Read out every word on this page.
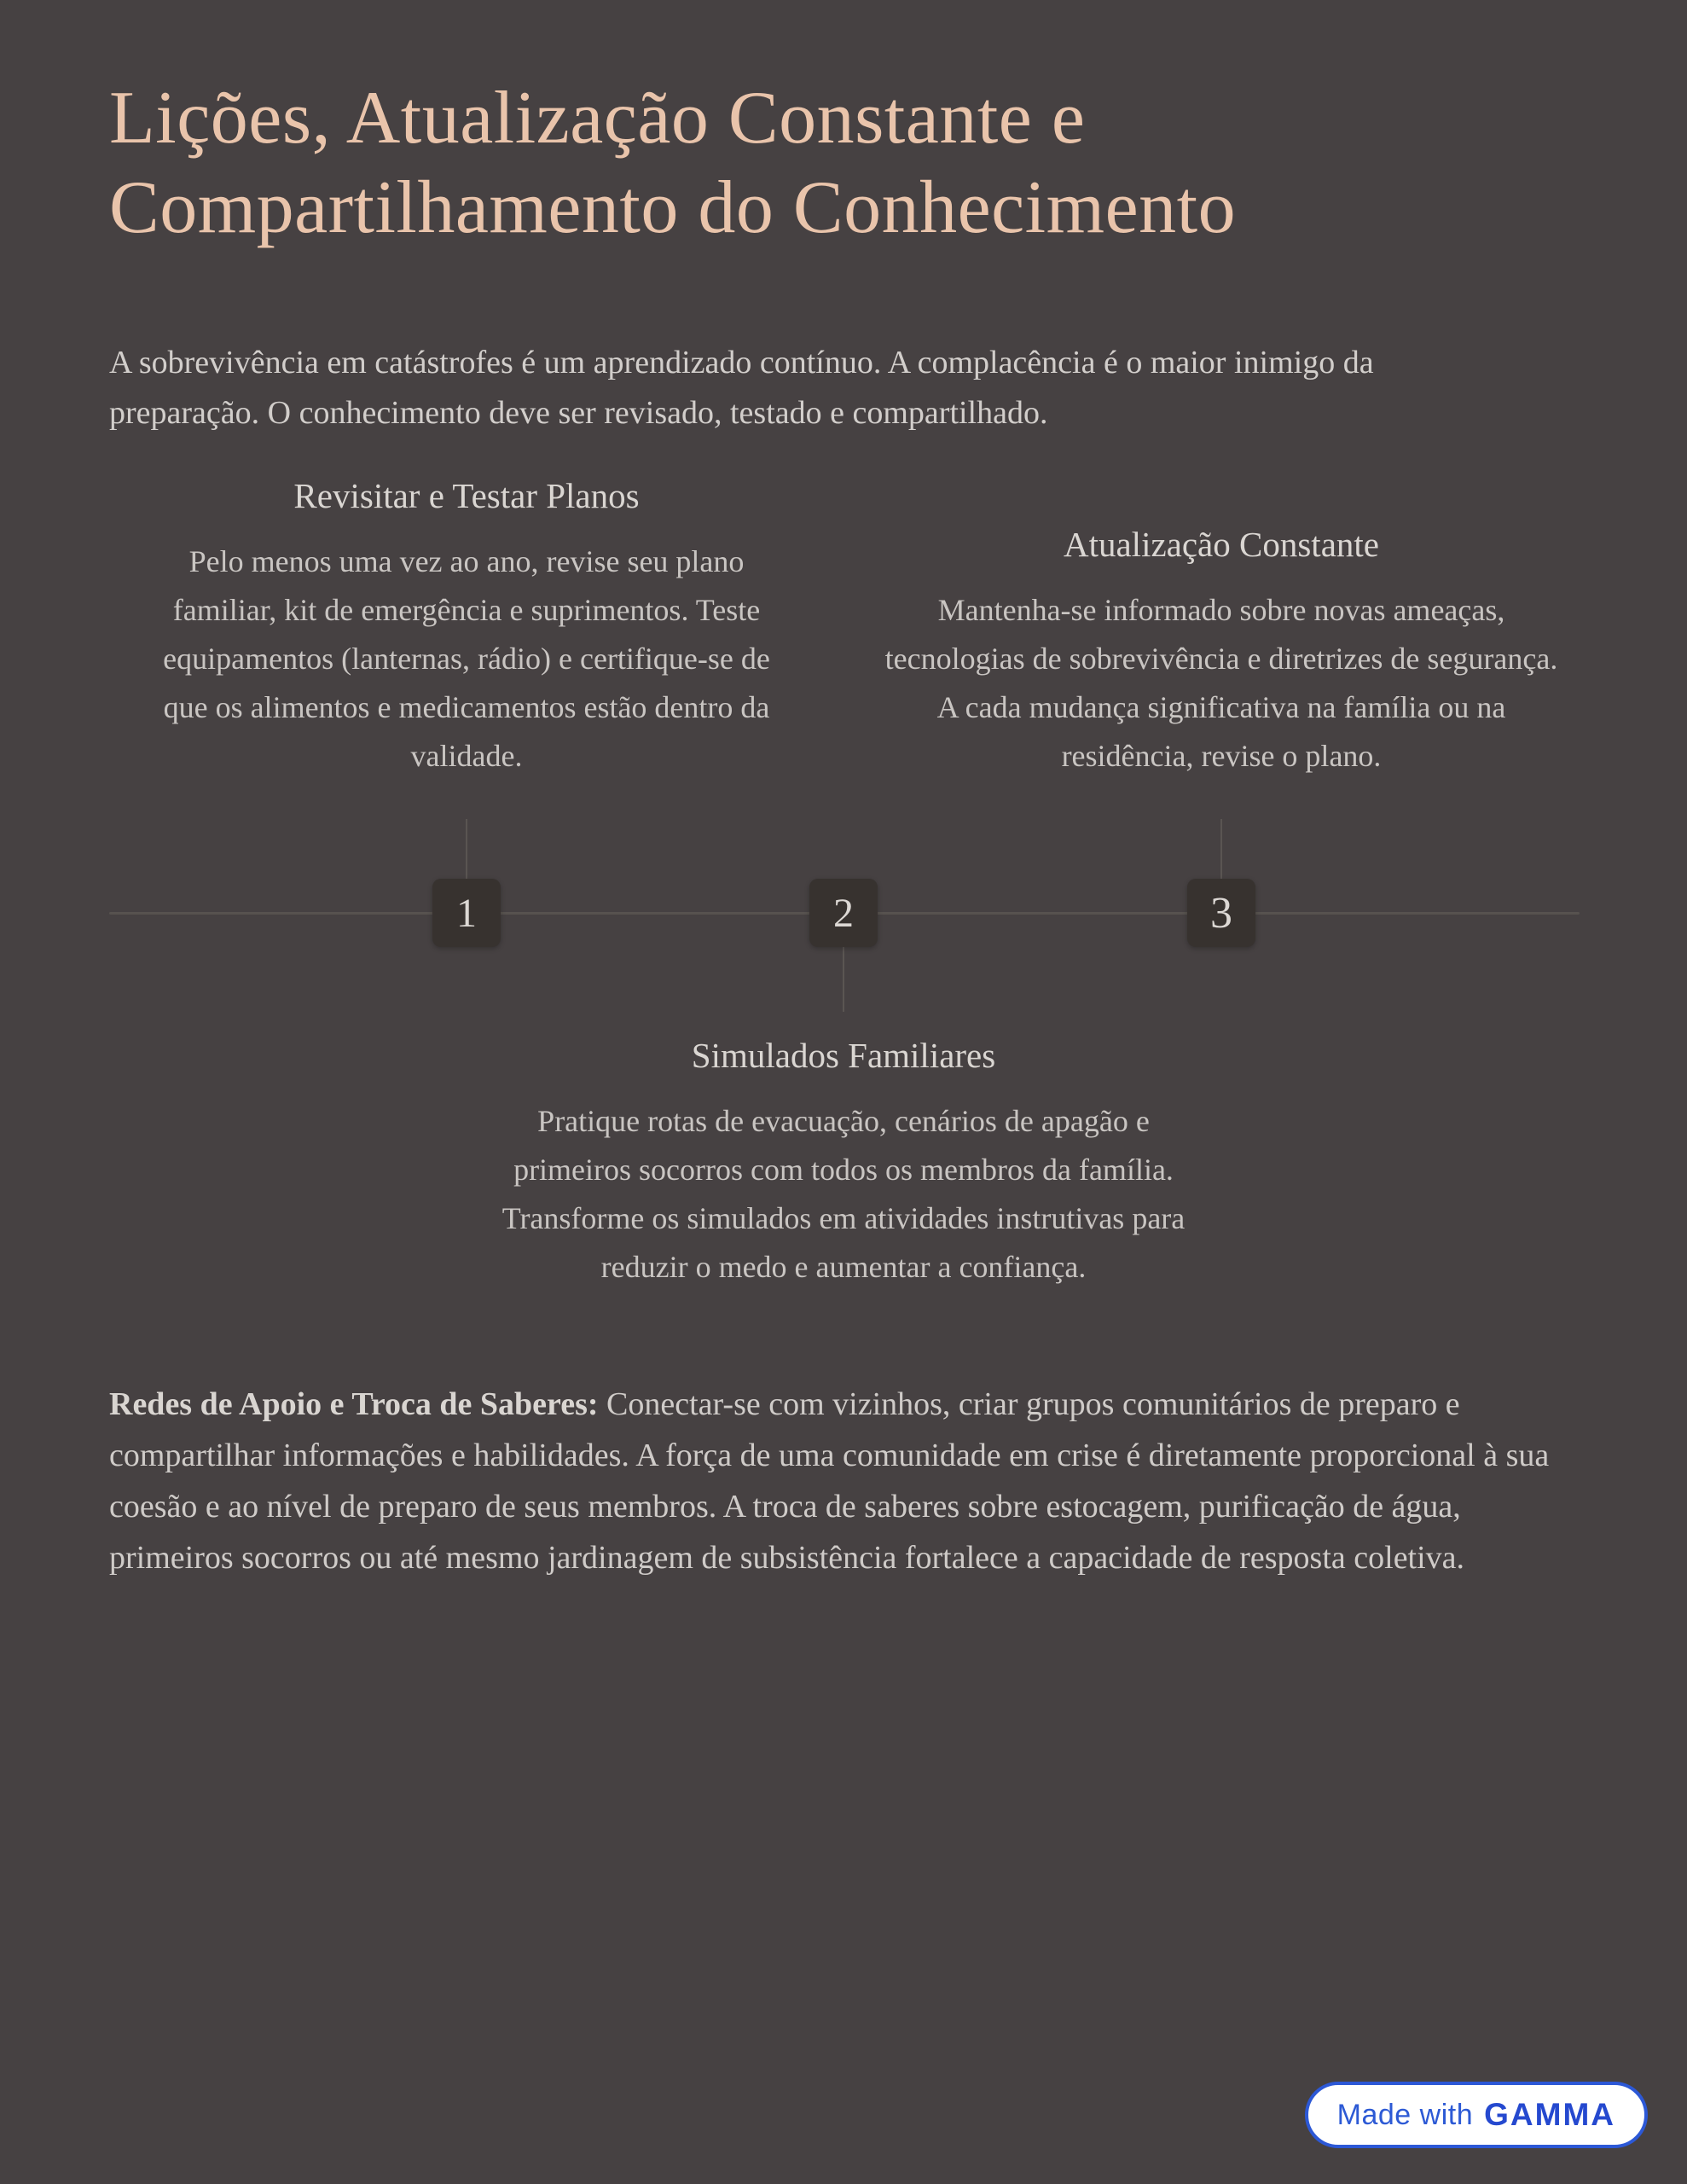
Lições, Atualização Constante e Compartilhamento do Conhecimento

A sobrevivência em catástrofes é um aprendizado contínuo. A complacência é o maior inimigo da preparação. O conhecimento deve ser revisado, testado e compartilhado.

Revisitar e Testar Planos

Pelo menos uma vez ao ano, revise seu plano familiar, kit de emergência e suprimentos. Teste equipamentos (lanternas, rádio) e certifique-se de que os alimentos e medicamentos estão dentro da validade.

Atualização Constante

Mantenha-se informado sobre novas ameaças, tecnologias de sobrevivência e diretrizes de segurança. A cada mudança significativa na família ou na residência, revise o plano.

1	2	3
Simulados Familiares

Pratique rotas de evacuação, cenários de apagão e primeiros socorros com todos os membros da família. Transforme os simulados em atividades instrutivas para reduzir o medo e aumentar a confiança.

Redes de Apoio e Troca de Saberes: Conectar-se com vizinhos, criar grupos comunitários de preparo e compartilhar informações e habilidades. A força de uma comunidade em crise é diretamente proporcional à sua coesão e ao nível de preparo de seus membros. A troca de saberes sobre estocagem, purificação de água, primeiros socorros ou até mesmo jardinagem de subsistência fortalece a capacidade de resposta coletiva.

Made with GAMMA
